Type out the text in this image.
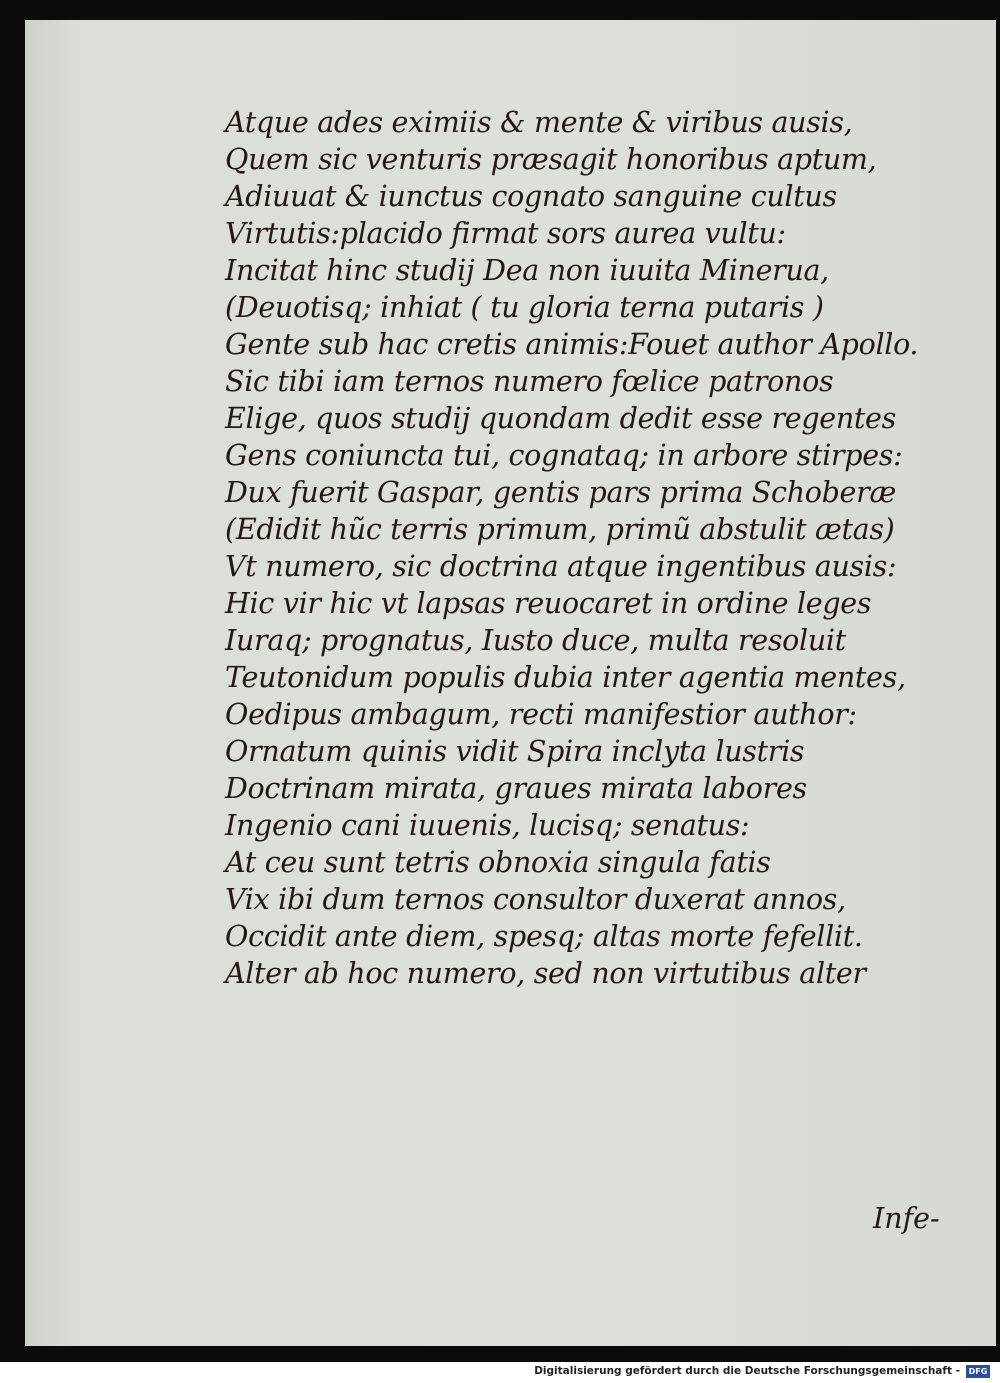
Atque ades eximiis & mente & viribus ausis,
Quem sic venturis præsagit honoribus aptum,
Adiuuat & iunctus cognato sanguine cultus
Virtutis:placido firmat sors aurea vultu:
Incitat hinc studij Dea non iuuita Minerua,
(Deuotisq; inhiat ( tu gloria terna putaris )
Gente sub hac cretis animis:Fouet author Apollo.
Sic tibi iam ternos numero fœlice patronos
Elige, quos studij quondam dedit esse regentes
Gens coniuncta tui, cognataq; in arbore stirpes:
Dux fuerit Gaspar, gentis pars prima Schoberæ
(Edidit hũc terris primum, primũ abstulit ætas)
Vt numero, sic doctrina atque ingentibus ausis:
Hic vir hic vt lapsas reuocaret in ordine leges
Iuraq; prognatus, Iusto duce, multa resoluit
Teutonidum populis dubia inter agentia mentes,
Oedipus ambagum, recti manifestior author:
Ornatum quinis vidit Spira inclyta lustris
Doctrinam mirata, graues mirata labores
Ingenio cani iuuenis, lucisq; senatus:
At ceu sunt tetris obnoxia singula fatis
Vix ibi dum ternos consultor duxerat annos,
Occidit ante diem, spesq; altas morte fefellit.
Alter ab hoc numero, sed non virtutibus alter
Infe-
Digitalisierung gefördert durch die Deutsche Forschungsgemeinschaft -	DFG
